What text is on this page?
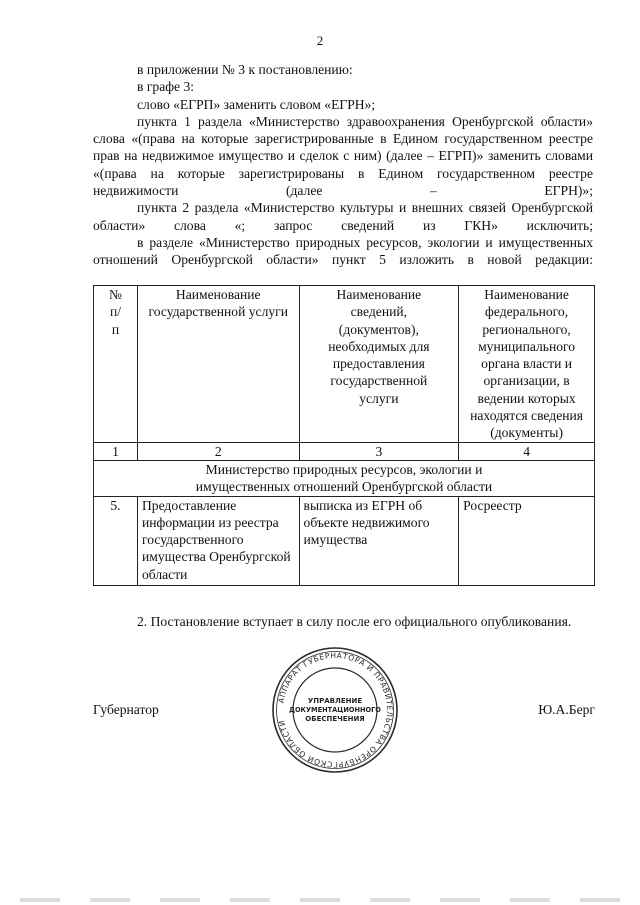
2

в приложении № 3 к постановлению:

в графе 3:

слово «ЕГРП» заменить словом «ЕГРН»;

пункта 1 раздела «Министерство здравоохранения Оренбургской области» слова «(права на которые зарегистрированные в Едином государственном реестре прав на недвижимое имущество и сделок с ним) (далее – ЕГРП)» заменить словами «(права на которые зарегистрированы в Едином государственном реестре недвижимости (далее – ЕГРН)»;

пункта 2 раздела «Министерство культуры и внешних связей Оренбургской области» слова «; запрос сведений из ГКН» исключить;

в разделе «Министерство природных ресурсов, экологии и имущественных отношений Оренбургской области» пункт 5 изложить в новой редакции:

№ п/п	Наименование государственной услуги	Наименование сведений, (документов), необходимых для предоставления государственной услуги	Наименование федерального, регионального, муниципального органа власти и организации, в ведении которых находятся сведения (документы)
1	2	3	4
Министерство природных ресурсов, экологии и имущественных отношений Оренбургской области			
5.	Предоставление информации из реестра государственного имущества Оренбургской области	выписка из ЕГРН об объекте недвижимого имущества	Росреестр

2. Постановление вступает в силу после его официального опубликования.

Губернатор	Ю.А.Берг
АППАРАТ ГУБЕРНАТОРА И ПРАВИТЕЛЬСТВА ОРЕНБУРГСКОЙ ОБЛАСТИ
УПРАВЛЕНИЕ
ДОКУМЕНТАЦИОННОГО
ОБЕСПЕЧЕНИЯ
